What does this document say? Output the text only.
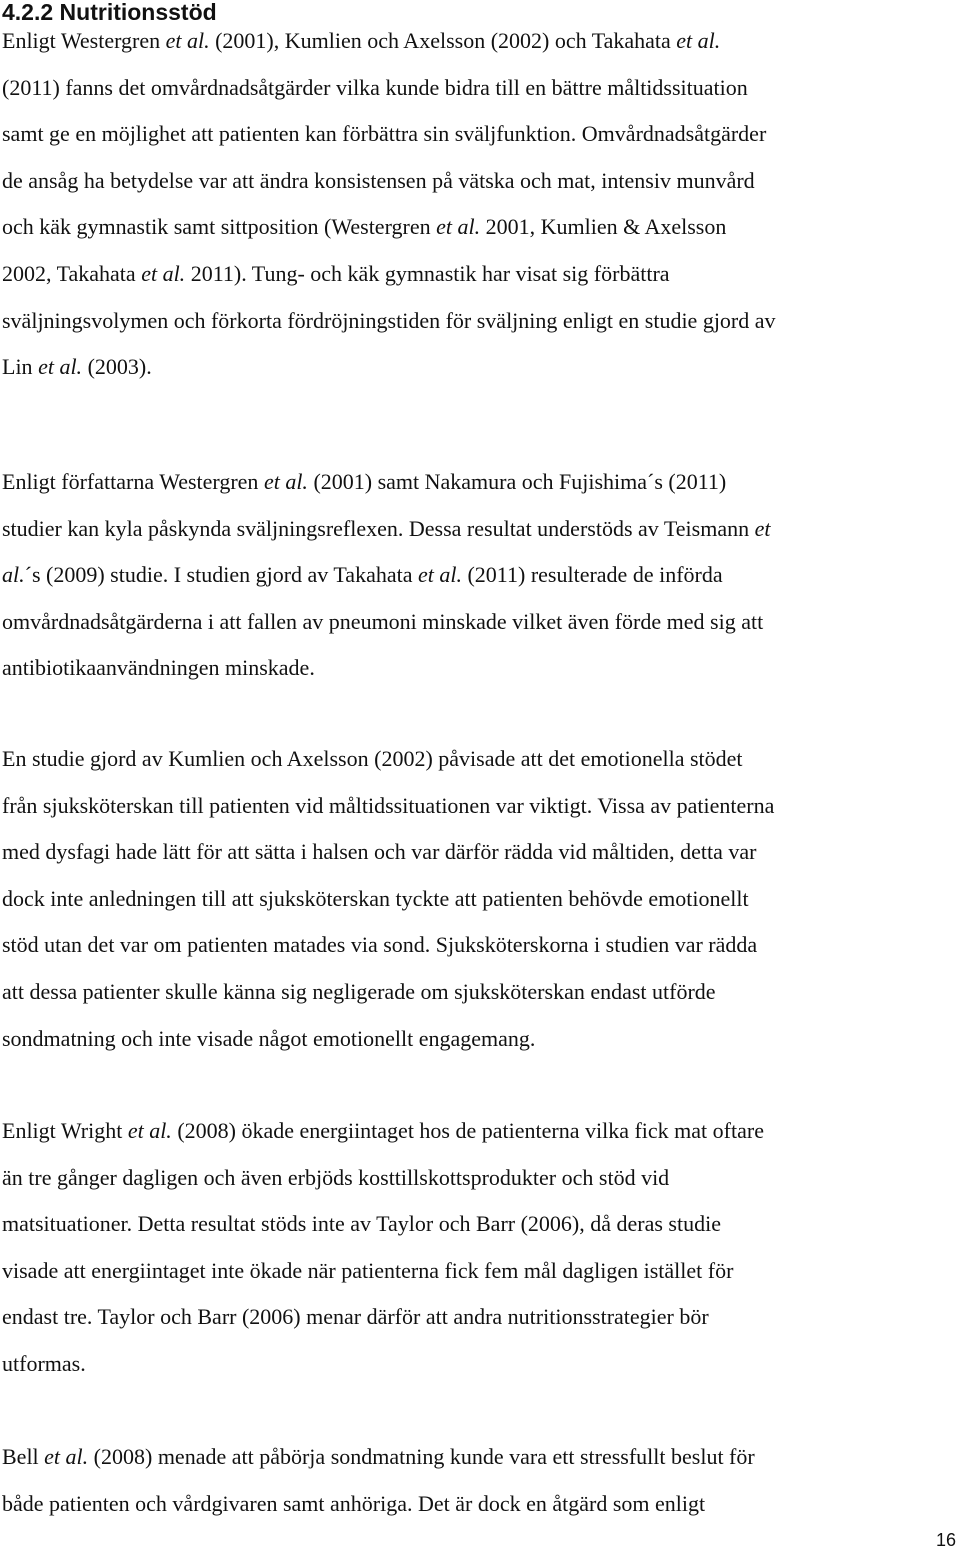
4.2.2 Nutritionsstöd

Enligt Westergren et al. (2001), Kumlien och Axelsson (2002) och Takahata et al.
(2011) fanns det omvårdnadsåtgärder vilka kunde bidra till en bättre måltidssituation
samt ge en möjlighet att patienten kan förbättra sin sväljfunktion. Omvårdnadsåtgärder
de ansåg ha betydelse var att ändra konsistensen på vätska och mat, intensiv munvård
och käk gymnastik samt sittposition (Westergren et al. 2001, Kumlien & Axelsson
2002, Takahata et al. 2011). Tung- och käk gymnastik har visat sig förbättra
sväljningsvolymen och förkorta fördröjningstiden för sväljning enligt en studie gjord av
Lin et al. (2003).

Enligt författarna Westergren et al. (2001) samt Nakamura och Fujishima´s (2011)
studier kan kyla påskynda sväljningsreflexen. Dessa resultat understöds av Teismann et
al.´s (2009) studie. I studien gjord av Takahata et al. (2011) resulterade de införda
omvårdnadsåtgärderna i att fallen av pneumoni minskade vilket även förde med sig att
antibiotikaanvändningen minskade.

En studie gjord av Kumlien och Axelsson (2002) påvisade att det emotionella stödet
från sjuksköterskan till patienten vid måltidssituationen var viktigt. Vissa av patienterna
med dysfagi hade lätt för att sätta i halsen och var därför rädda vid måltiden, detta var
dock inte anledningen till att sjuksköterskan tyckte att patienten behövde emotionellt
stöd utan det var om patienten matades via sond. Sjuksköterskorna i studien var rädda
att dessa patienter skulle känna sig negligerade om sjuksköterskan endast utförde
sondmatning och inte visade något emotionellt engagemang.

Enligt Wright et al. (2008) ökade energiintaget hos de patienterna vilka fick mat oftare
än tre gånger dagligen och även erbjöds kosttillskottsprodukter och stöd vid
matsituationer. Detta resultat stöds inte av Taylor och Barr (2006), då deras studie
visade att energiintaget inte ökade när patienterna fick fem mål dagligen istället för
endast tre. Taylor och Barr (2006) menar därför att andra nutritionsstrategier bör
utformas.

Bell et al. (2008) menade att påbörja sondmatning kunde vara ett stressfullt beslut för
både patienten och vårdgivaren samt anhöriga. Det är dock en åtgärd som enligt

16
